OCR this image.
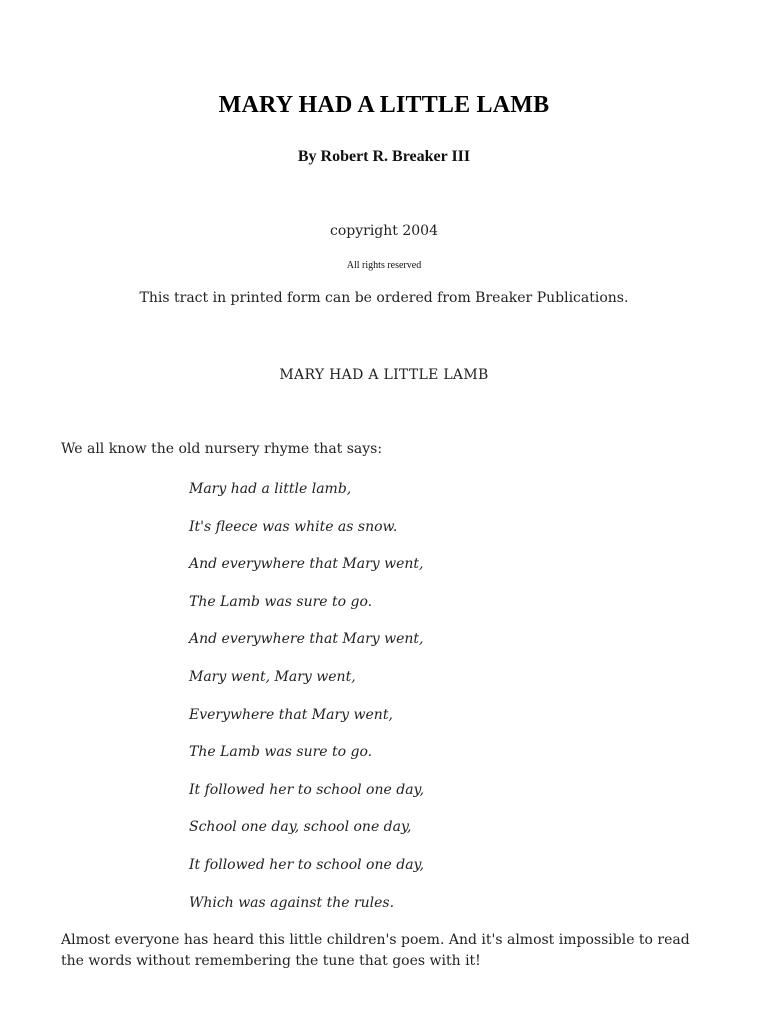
MARY HAD A LITTLE LAMB
By Robert R. Breaker III
copyright 2004
All rights reserved
This tract in printed form can be ordered from Breaker Publications.
MARY HAD A LITTLE LAMB
We all know the old nursery rhyme that says:
Mary had a little lamb,
It's fleece was white as snow.
And everywhere that Mary went,
The Lamb was sure to go.
And everywhere that Mary went,
Mary went, Mary went,
Everywhere that Mary went,
The Lamb was sure to go.
It followed her to school one day,
School one day, school one day,
It followed her to school one day,
Which was against the rules.
Almost everyone has heard this little children's poem. And it's almost impossible to read the words without remembering the tune that goes with it!
